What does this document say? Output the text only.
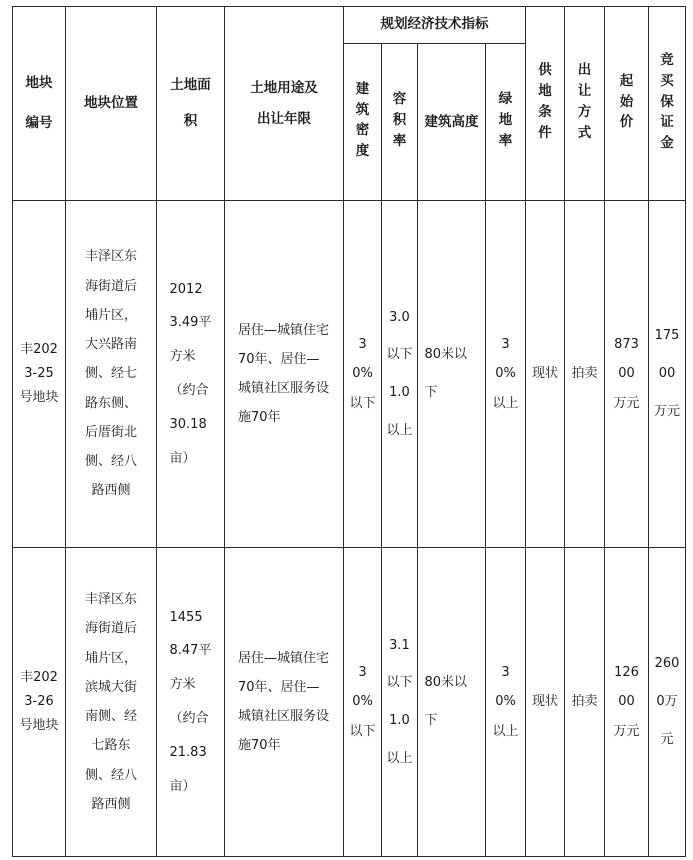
地块编号	地块位置	土地面积	土地用途及出让年限	规划经济技术指标				供地条件	出让方式	起始价	竞买保证金
				建筑密度	容积率	建筑高度	绿地率				
丰2023-25号地块	丰泽区东海街道后埔片区，大兴路南侧、经七路东侧、后厝街北侧、经八路西侧	20123.49平方米（约合30.18亩）	居住—城镇住宅70年、居住—城镇社区服务设施70年	30%以下	3.0以下1.0以上	80米以下	30%以上	现状	拍卖	87300万元	17500万元
丰2023-26号地块	丰泽区东海街道后埔片区，滨城大街南侧、经七路东侧、经八路西侧	14558.47平方米（约合21.83亩）	居住—城镇住宅70年、居住—城镇社区服务设施70年	30%以下	3.1以下1.0以上	80米以下	30%以上	现状	拍卖	12600万元	2600万元
